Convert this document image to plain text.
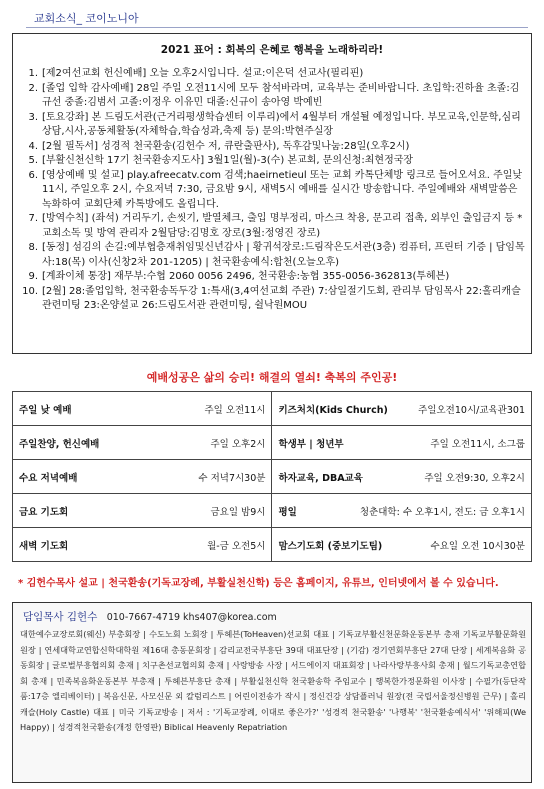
교회소식_ 코이노니아
2021 표어 : 회복의 은혜로 행복을 노래하리라!
1. [제2여선교회 헌신예배] 오늘 오후2시입니다. 설교:이은덕 선교사(필리핀)
2. [졸업 입학 감사예배] 28일 주일 오전11시에 모두 참석바라며, 교육부는 준비바랍니다. 초입학:진하율 초졸:김규선 중졸:김범서 고졸:이정우 이유민 대졸:신규이 송아영 박예빈
3. [토요강좌] 본 드림도서관(근거리평생학습센터 이루리)에서 4월부터 개설될 예정입니다. 부모교육,인문학,심리상담,시사,공동체활동(자체학습,학습성과,축제 등) 문의:박현주실장
4. [2월 필독서] 성경적 천국환송(김헌수 저, 큐란출판사), 독후감및나눔:28일(오후2시)
5. [부활신천신학 17기 천국환송지도사] 3월1일(월)-3(수) 본교회, 문의신청:최현정국장
6. [영상예배 및 설교] play.afreecatv.com 검색;haeirnetieul 또는 교회 카톡단체방 링크로 들어오셔요. 주일낮 11시, 주일오후 2시, 수요저녁 7:30, 금요밤 9시, 새벽5시 예배를 실시간 방송합니다. 주일예배와 새벽말씀은 녹화하여 교회단체 카톡방에도 올립니다.
7. [방역수칙] (좌석) 거리두기, 손씻기, 발열체크, 출입 명부정리, 마스크 착용, 문고리 접촉, 외부인 출입금지 등 *교회소독 및 방역 관리자 2월담당:김명호 장로(3월:정영진 장로)
8. [동정] 섬김의 손길:예부협층재취임및신년감사 | 황귀석장로:드림작은도서관(3층) 컴퓨터, 프린터 기증 | 담임목사:18(목) 이사(신창2차 201-1205) | 천국환송예식:합천(오늘오후)
9. [계좌이체 통장] 재무부:수협 2060 0056 2496, 천국환송:농협 355-0056-362813(투헤븐)
10. [2월] 28:졸업입학, 천국환송독두강 1:특새(3,4여선교회 주관) 7:삼일절기도회, 관리부 담임목사 22:홀리캐슬 관련미팅 23:온양설교 26:드림도서관 관련미팅, 쉴낙원MOU
예배성공은 삶의 승리! 해결의 열쇠! 축복의 주인공!
주일 낮 예배 주일 오전11시	키즈처치(Kids Church) 주일오전10시/교육관301

주일찬양, 헌신예배 주일 오후2시	학생부 | 청년부 주일 오전11시, 소그룹

수요 저녁예배 수 저녁7시30분	하자교육, DBA교육 주일 오전9:30, 오후2시

금요 기도회 금요일 밤9시	평일 청춘대학: 수 오후1시, 전도: 금 오후1시

새벽 기도회 월-금 오전5시	맘스기도회 (중보기도팀) 수요일 오전 10시30분
* 김헌수목사 설교 | 천국환송(기독교장례, 부활실천신학) 등은 홈페이지, 유튜브, 인터넷에서 볼 수 있습니다.
담임목사 김헌수 010-7667-4719 khs407@korea.com
대한예수교장로회(웨신) 부총회장 | 수도노회 노회장 | 투헤븐(ToHeaven)선교회 대표 | 기독교부활신천문화운동본부 총재 기독교부활문화원 원장 | 연세대학교연합신학대학원 제16대 총동문회장 | 감리교전국부흥단 39대 대표단장 | (기감) 경기연회부흥단 27대 단장 | 세계복음화 공동회장 | 글로벌부흥협의회 총재 | 치구촌선교협의회 총재 | 사랑방송 사장 | 서드에이지 대표회장 | 나라사랑부흥사회 총재 | 월드기독교총연합회 총재 | 민족복음화운동본부 부총재 | 투헤븐부흥단 총재 | 부활실천신학 천국환송학 주임교수 | 행복한가정문화원 이사장 | 수필가(등단작품:17층 엘리베이터) | 복음신문, 사모신문 외 칼럼리스트 | 어린이전송가 작시 | 정신건강 상담플러닉 원장(전 국립서울정신병원 근무) | 홀리캐슬(Holy Castle) 대표 | 미국 기독교방송 | 저서 : '기독교장례, 이대로 좋은가?' '성경적 천국환송' '나행복' '천국환송예식서' '위해피(We Happy) | 성경적천국환송(개정 한영판) Biblical Heavenly Repatriation
